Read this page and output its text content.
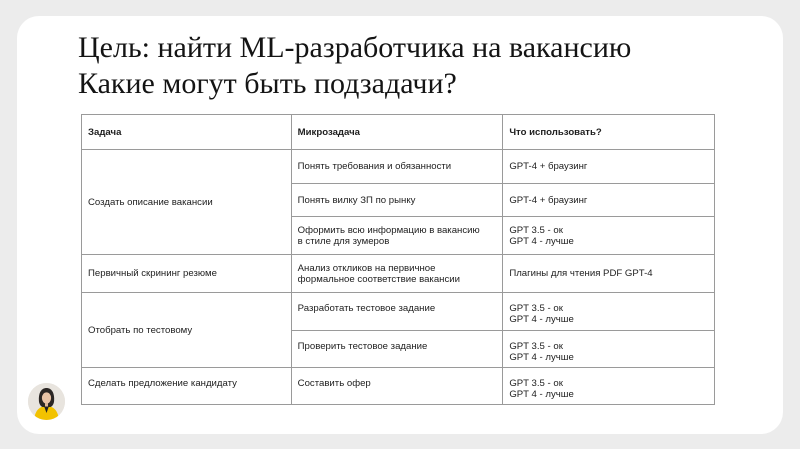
Цель: найти ML-разработчика на вакансию
Какие могут быть подзадачи?
Задача	Микрозадача	Что использовать?
Создать описание вакансии	Понять требования и обязанности	GPT-4 + браузинг

	Понять вилку ЗП по рынку	GPT-4 + браузинг

	Оформить всю информацию в вакансию
в стиле для зумеров	GPT 3.5 - ок
GPT 4 - лучше

Первичный скрининг резюме	Анализ откликов на первичное
формальное соответствие вакансии	Плагины для чтения PDF GPT-4

Отобрать по тестовому	Разработать тестовое задание	GPT 3.5 - ок
GPT 4 - лучше

	Проверить тестовое задание	GPT 3.5 - ок
GPT 4 - лучше

Сделать предложение кандидату	Составить офер	GPT 3.5 - ок
GPT 4 - лучше
